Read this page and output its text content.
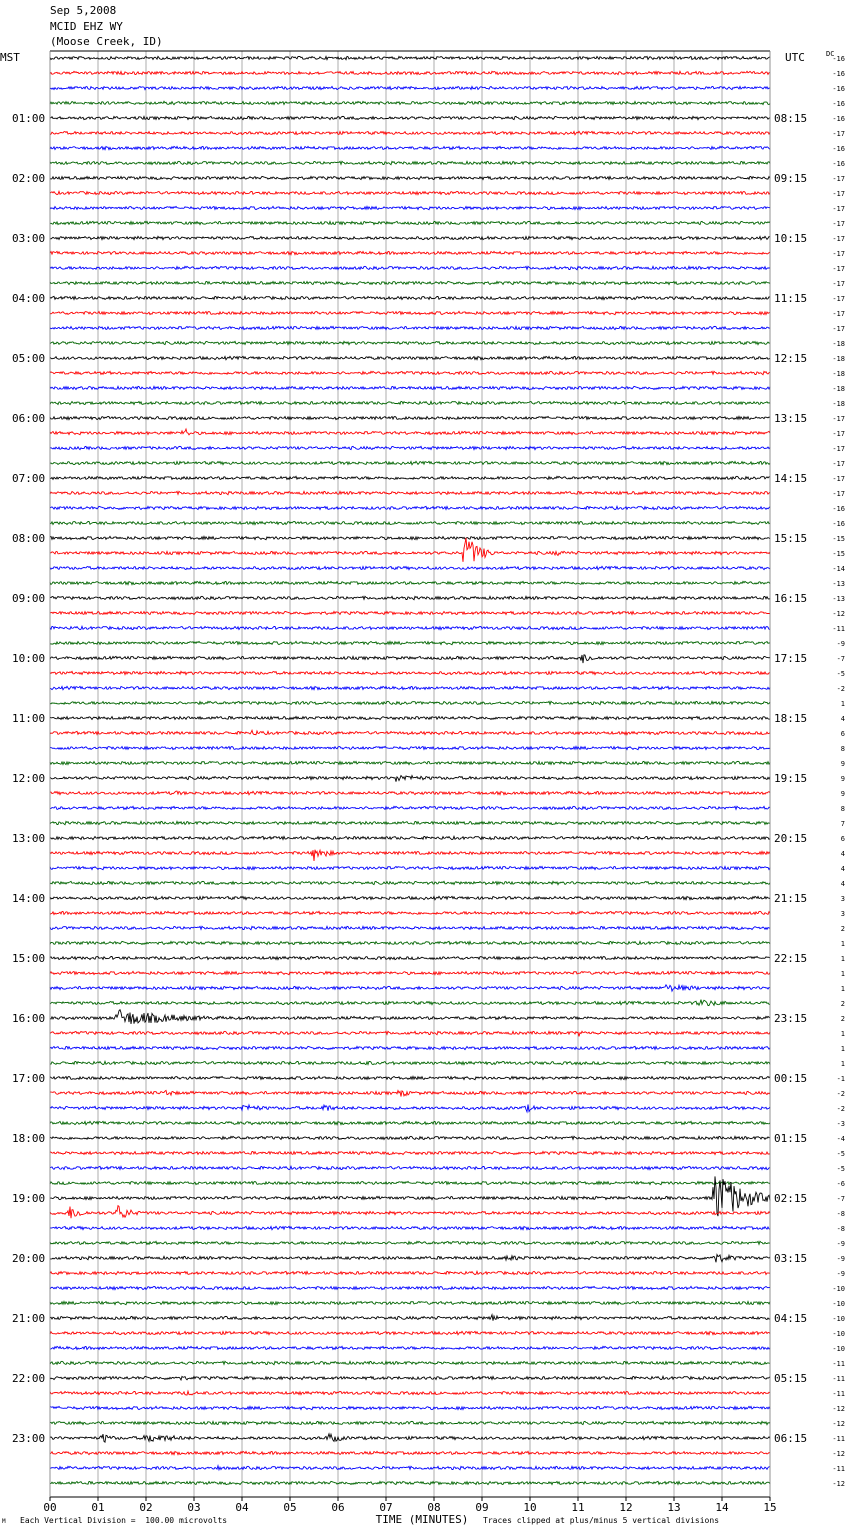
MST	UTC	DC
01:00
02:00
03:00
04:00
05:00
06:00
07:00
08:00
09:00
10:00
11:00
12:00
13:00
14:00
15:00
16:00
17:00
18:00
19:00
20:00
21:00
22:00
23:00
08:15
09:15
10:15
11:15
12:15
13:15
14:15
15:15
16:15
17:15
18:15
19:15
20:15
21:15
22:15
23:15
00:15
01:15
02:15
03:15
04:15
05:15
06:15
-16
-16
-16
-16
-16
-17
-16
-16
-17
-17
-17
-17
-17
-17
-17
-17
-17
-17
-17
-18
-18
-18
-18
-18
-17
-17
-17
-17
-17
-17
-16
-16
-15
-15
-14
-13
-13
-12
-11
-9
-7
-5
-2
1
4
6
8
9
9
9
8
7
6
4
4
4
3
3
2
1
1
1
1
2
2
1
1
1
-1
-2
-2
-3
-4
-5
-5
-6
-7
-8
-8
-9
-9
-9
-10
-10
-10
-10
-10
-11
-11
-11
-12
-12
-11
-12
-11
-12
00	01	02	03	04	05	06	07	08	09	10	11	12	13	14	15
TIME (MINUTES)
Sep 5,2008
MCID EHZ WY
(Moose Creek, ID)
M Each Vertical Division =  100.00 microvolts	Traces clipped at plus/minus 5 vertical divisions
